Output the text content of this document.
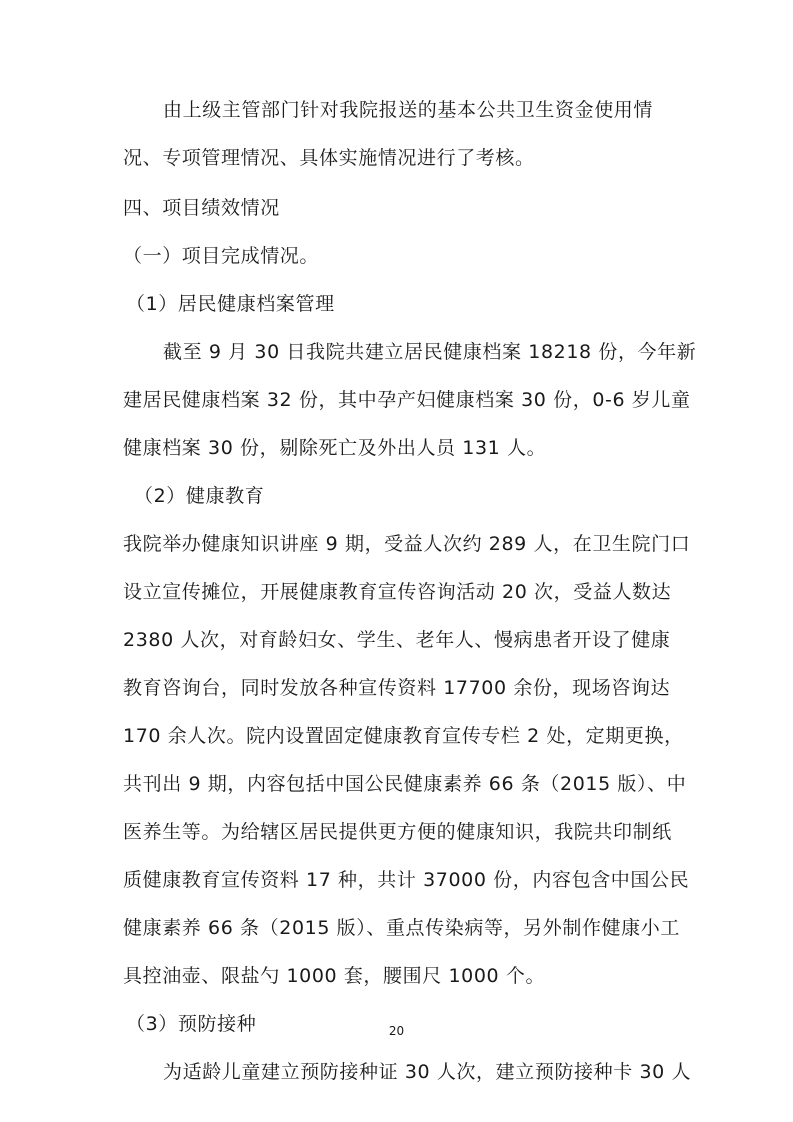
由上级主管部门针对我院报送的基本公共卫生资金使用情
况、专项管理情况、具体实施情况进行了考核。
四、项目绩效情况
（一）项目完成情况。
（1）居民健康档案管理
截至 9 月 30 日我院共建立居民健康档案 18218 份，今年新
建居民健康档案 32 份，其中孕产妇健康档案 30 份，0-6 岁儿童
健康档案 30 份，剔除死亡及外出人员 131 人。
（2）健康教育
我院举办健康知识讲座 9 期，受益人次约 289 人，在卫生院门口
设立宣传摊位，开展健康教育宣传咨询活动 20 次，受益人数达
2380 人次，对育龄妇女、学生、老年人、慢病患者开设了健康
教育咨询台，同时发放各种宣传资料 17700 余份，现场咨询达
170 余人次。院内设置固定健康教育宣传专栏 2 处，定期更换，
共刊出 9 期，内容包括中国公民健康素养 66 条（2015 版）、中
医养生等。为给辖区居民提供更方便的健康知识，我院共印制纸
质健康教育宣传资料 17 种，共计 37000 份，内容包含中国公民
健康素养 66 条（2015 版）、重点传染病等，另外制作健康小工
具控油壶、限盐勺 1000 套，腰围尺 1000 个。
（3）预防接种
为适龄儿童建立预防接种证 30 人次，建立预防接种卡 30 人
20
